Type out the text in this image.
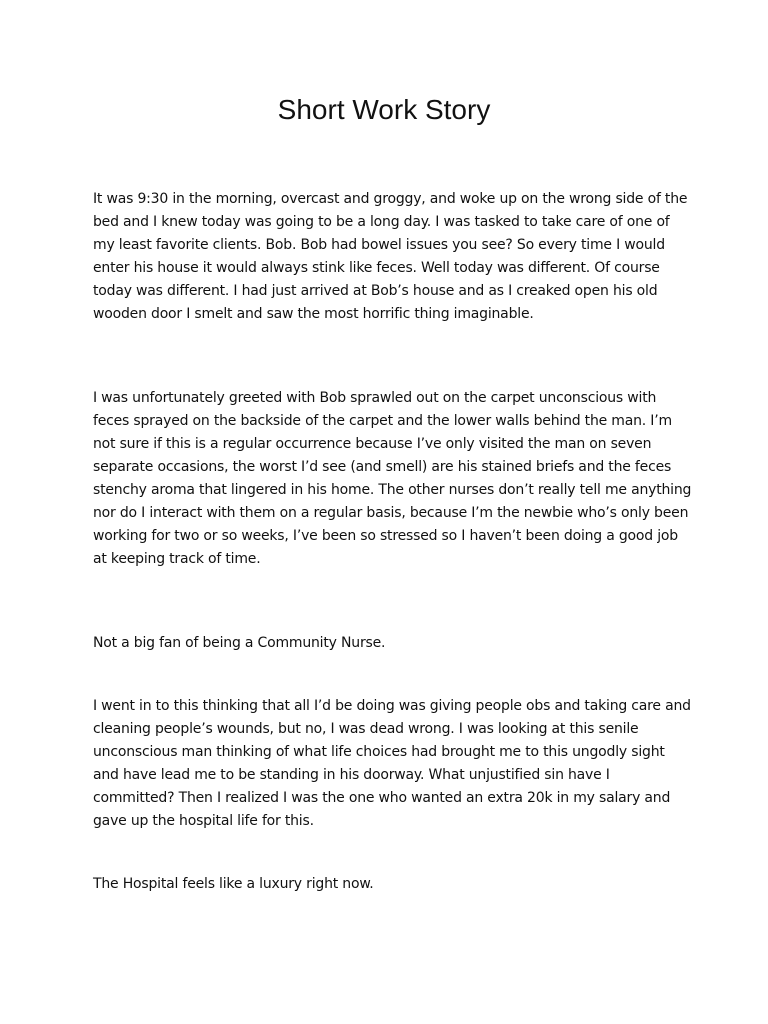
Short Work Story

It was 9:30 in the morning, overcast and groggy, and woke up on the wrong side of the bed and I knew today was going to be a long day. I was tasked to take care of one of my least favorite clients. Bob. Bob had bowel issues you see? So every time I would enter his house it would always stink like feces. Well today was different. Of course today was different. I had just arrived at Bob’s house and as I creaked open his old wooden door I smelt and saw the most horrific thing imaginable.

I was unfortunately greeted with Bob sprawled out on the carpet unconscious with feces sprayed on the backside of the carpet and the lower walls behind the man. I’m not sure if this is a regular occurrence because I’ve only visited the man on seven separate occasions, the worst I’d see (and smell) are his stained briefs and the feces stenchy aroma that lingered in his home. The other nurses don’t really tell me anything nor do I interact with them on a regular basis, because I’m the newbie who’s only been working for two or so weeks, I’ve been so stressed so I haven’t been doing a good job at keeping track of time.

Not a big fan of being a Community Nurse.

I went in to this thinking that all I’d be doing was giving people obs and taking care and cleaning people’s wounds, but no, I was dead wrong. I was looking at this senile unconscious man thinking of what life choices had brought me to this ungodly sight and have lead me to be standing in his doorway. What unjustified sin have I committed? Then I realized I was the one who wanted an extra 20k in my salary and gave up the hospital life for this.

The Hospital feels like a luxury right now.
